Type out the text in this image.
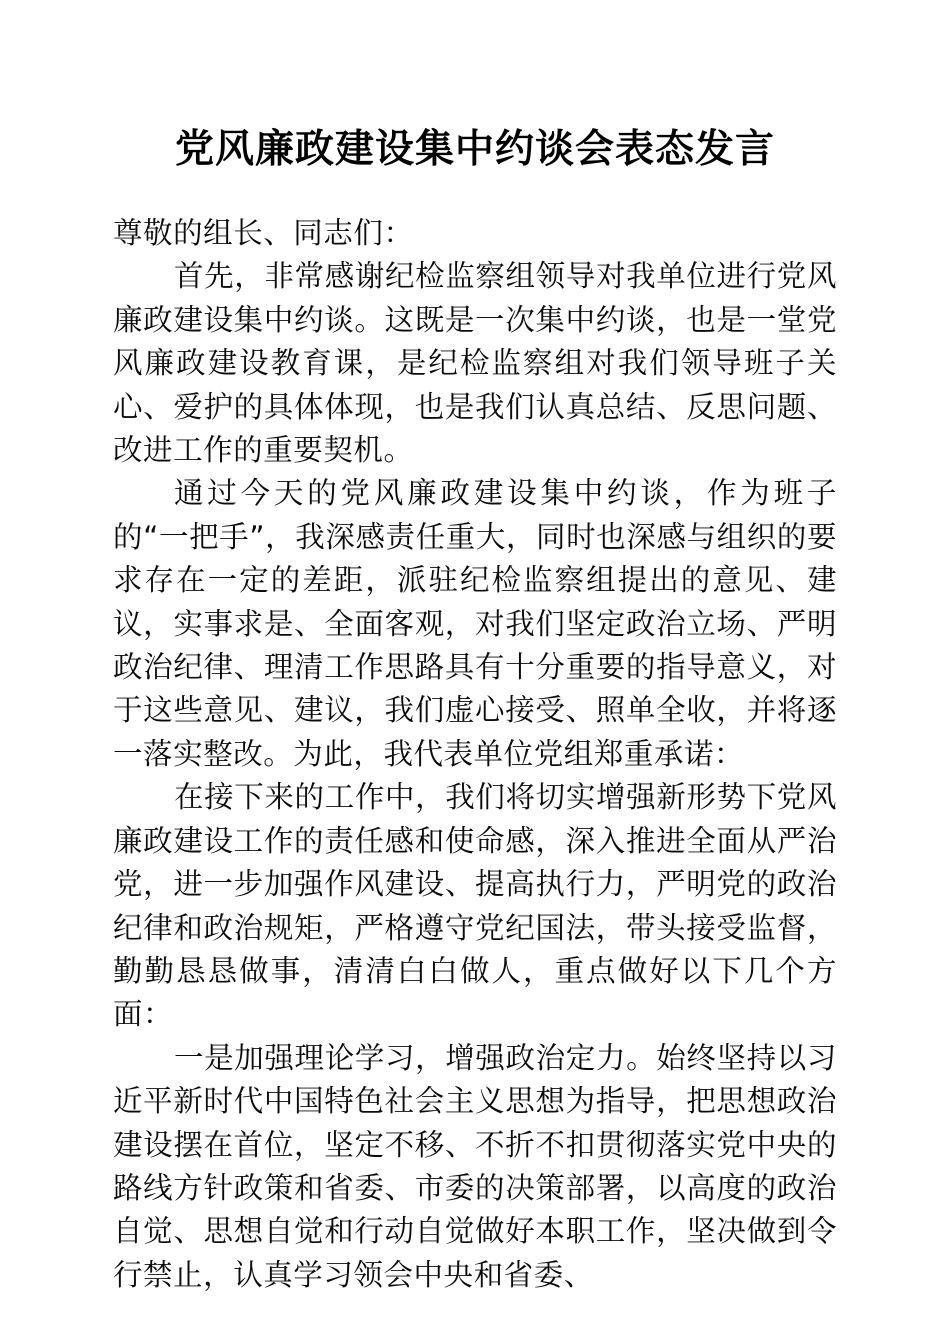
党风廉政建设集中约谈会表态发言

尊敬的组长、同志们：

首先，非常感谢纪检监察组领导对我单位进行党风廉政建设集中约谈。这既是一次集中约谈，也是一堂党风廉政建设教育课，是纪检监察组对我们领导班子关心、爱护的具体体现，也是我们认真总结、反思问题、改进工作的重要契机。

通过今天的党风廉政建设集中约谈，作为班子的“一把手”，我深感责任重大，同时也深感与组织的要求存在一定的差距，派驻纪检监察组提出的意见、建议，实事求是、全面客观，对我们坚定政治立场、严明政治纪律、理清工作思路具有十分重要的指导意义，对于这些意见、建议，我们虚心接受、照单全收，并将逐一落实整改。为此，我代表单位党组郑重承诺：

在接下来的工作中，我们将切实增强新形势下党风廉政建设工作的责任感和使命感，深入推进全面从严治党，进一步加强作风建设、提高执行力，严明党的政治纪律和政治规矩，严格遵守党纪国法，带头接受监督，勤勤恳恳做事，清清白白做人，重点做好以下几个方面：

一是加强理论学习，增强政治定力。始终坚持以习近平新时代中国特色社会主义思想为指导，把思想政治建设摆在首位，坚定不移、不折不扣贯彻落实党中央的路线方针政策和省委、市委的决策部署，以高度的政治自觉、思想自觉和行动自觉做好本职工作，坚决做到令行禁止，认真学习领会中央和省委、
